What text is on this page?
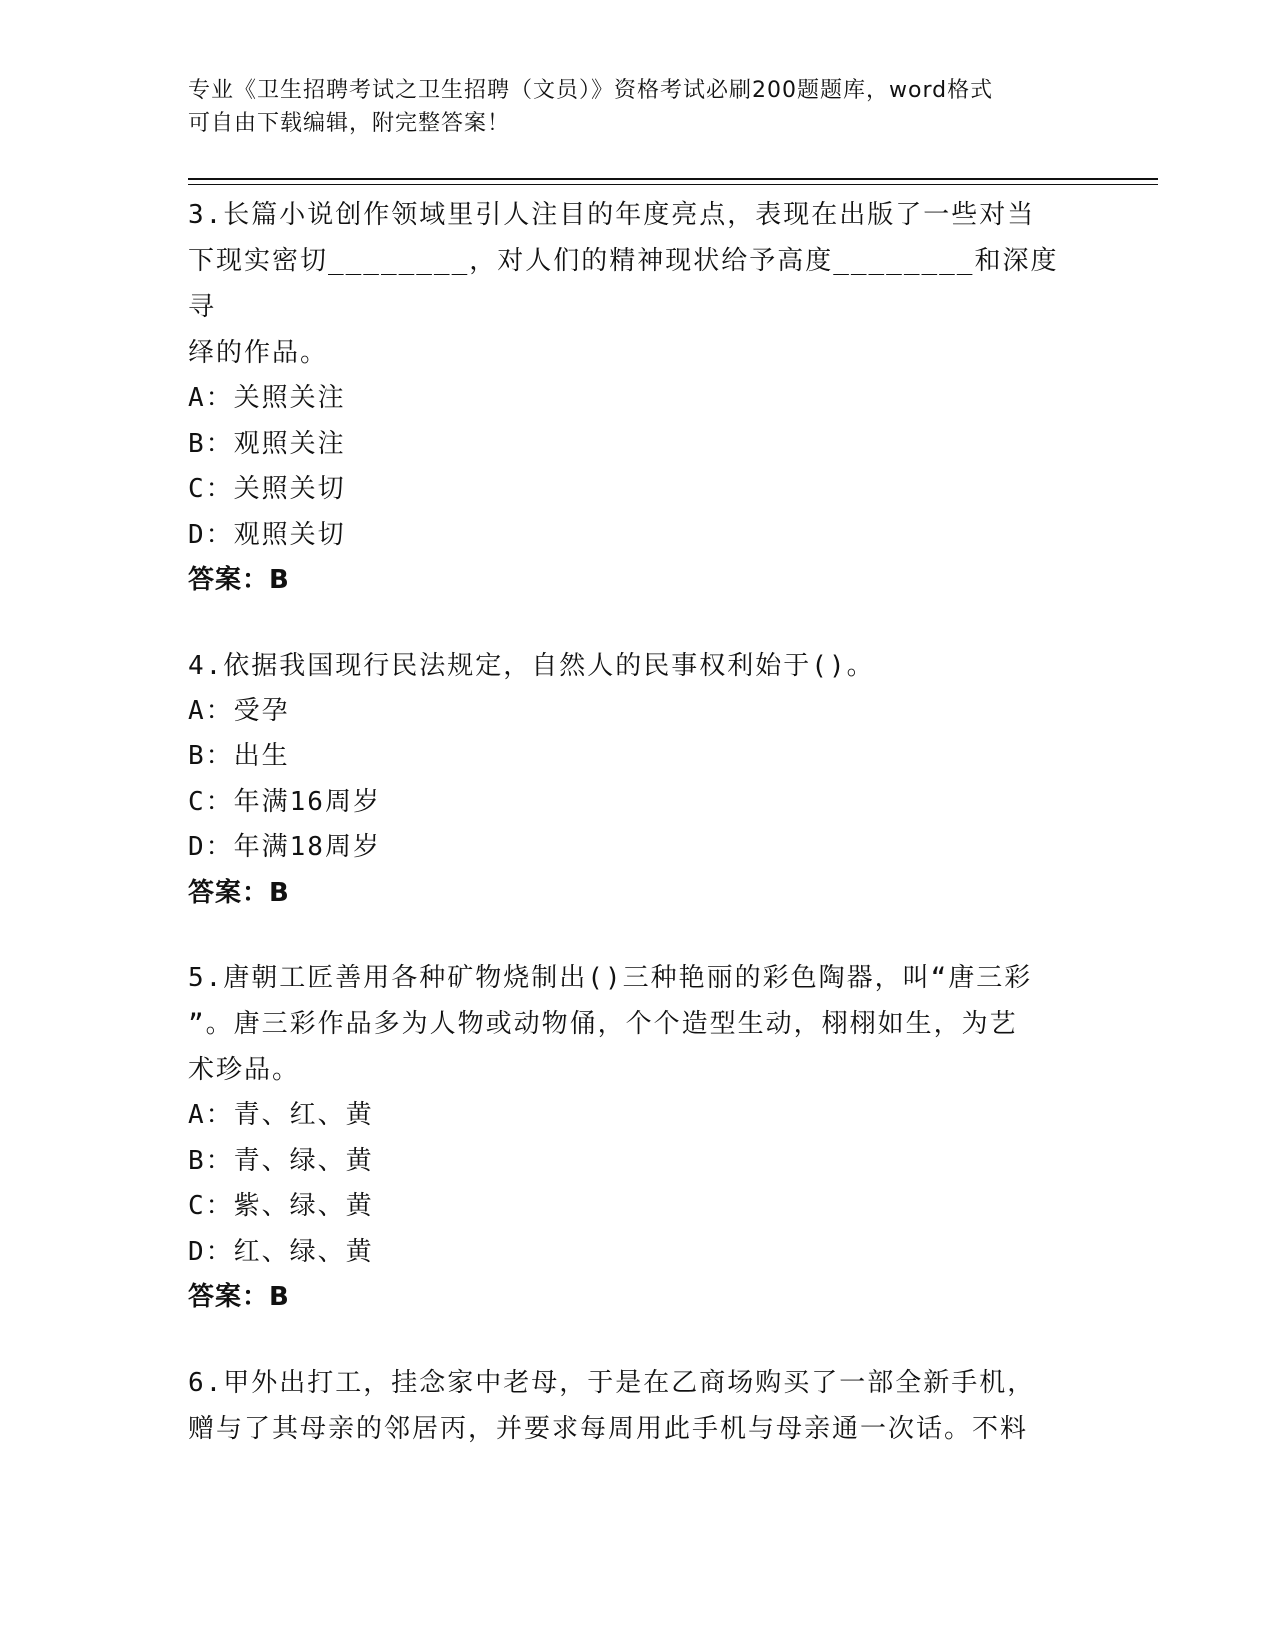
专业《卫生招聘考试之卫生招聘（文员）》资格考试必刷200题题库，word格式
可自由下载编辑，附完整答案！
3.长篇小说创作领域里引人注目的年度亮点，表现在出版了一些对当
下现实密切________，对人们的精神现状给予高度________和深度寻
绎的作品。
A：关照关注
B：观照关注
C：关照关切
D：观照关切
答案：B
4.依据我国现行民法规定，自然人的民事权利始于()。
A：受孕
B：出生
C：年满16周岁
D：年满18周岁
答案：B
5.唐朝工匠善用各种矿物烧制出()三种艳丽的彩色陶器，叫“唐三彩
”。唐三彩作品多为人物或动物俑，个个造型生动，栩栩如生，为艺
术珍品。
A：青、红、黄
B：青、绿、黄
C：紫、绿、黄
D：红、绿、黄
答案：B
6.甲外出打工，挂念家中老母，于是在乙商场购买了一部全新手机，
赠与了其母亲的邻居丙，并要求每周用此手机与母亲通一次话。不料
